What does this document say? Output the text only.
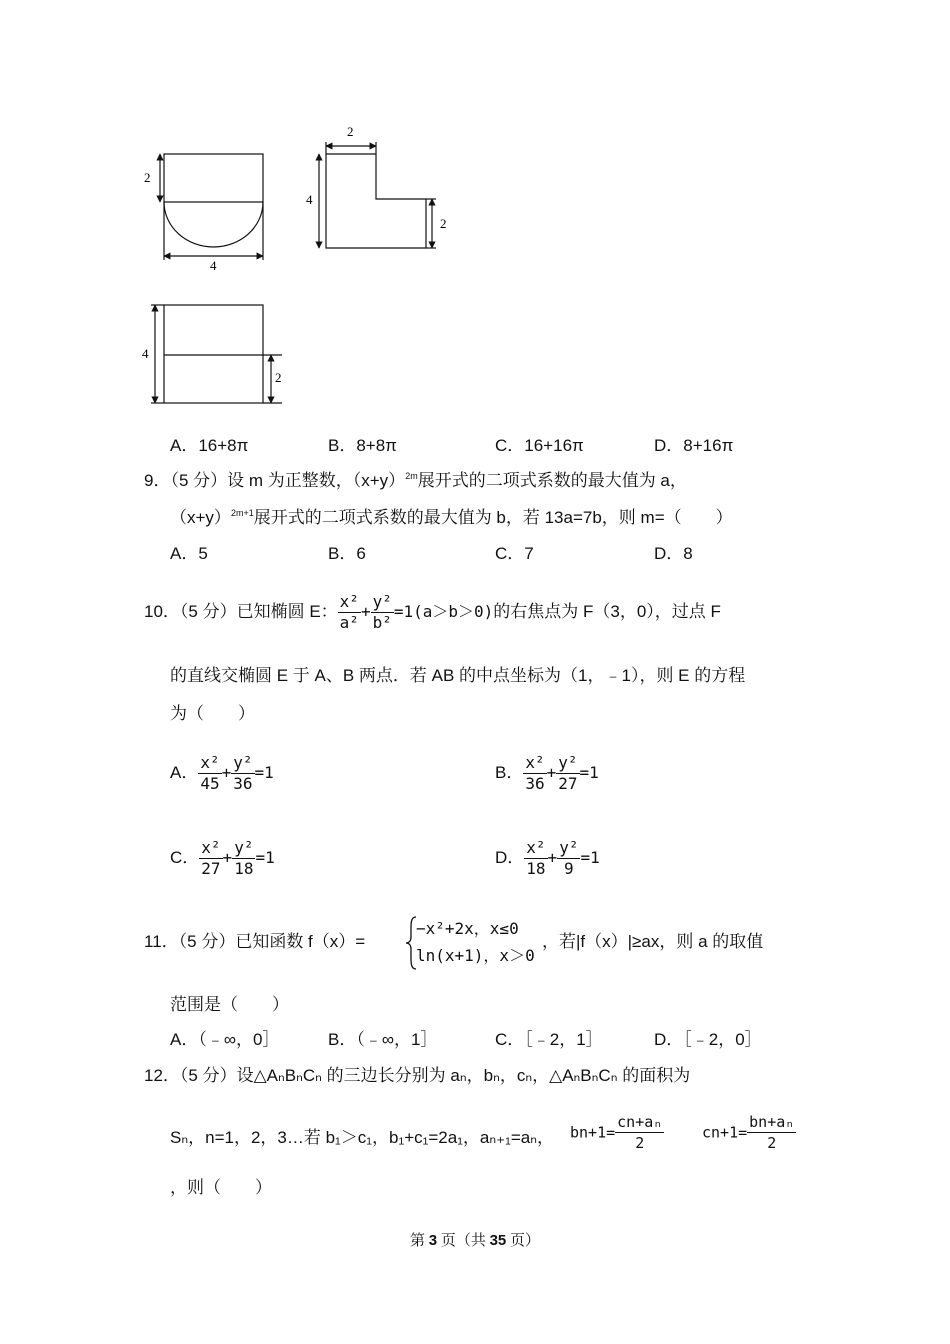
2
4
2
4
2
4
2
A．16+8π	B．8+8π	C．16+16π	D．8+16π
9．（5 分）设 m 为正整数，$(x+y)^{2m}$展开式的二项式系数的最大值为 a，
$(x+y)^{2m+1}$展开式的二项式系数的最大值为 b，若 13a=7b，则 m=（　　）
A．5	B．6	C．7	D．8
10．（5 分）已知椭圆 E： $\frac{\text{x²}}{\text{a²}} + \frac{\text{y²}}{\text{b²}} =1(a>b>0)$的右焦点为 F（3，0），过点 F
的直线交椭圆 E 于 A、B 两点．若 AB 的中点坐标为（1，﹣1），则 E 的方程
为（　　）
A． $\frac{\text{x²}}{45} + \frac{\text{y²}}{36} =1$	B． $\frac{\text{x²}}{36} + \frac{\text{y²}}{27} =1$
C． $\frac{\text{x²}}{27} + \frac{\text{y²}}{18} =1$	D． $\frac{\text{x²}}{18} + \frac{\text{y²}}{9} =1$
11．（5 分）已知函数 f（x）=
−x²+2x，x≤0
ln(x+1)，x＞0
，若|f（x）|≥ax，则 a 的取值
范围是（　　）
A．（﹣∞，0］	B．（﹣∞，1］	C．［﹣2，1］	D．［﹣2，0］
12．（5 分）设△AₙBₙCₙ 的三边长分别为 aₙ，bₙ，cₙ，△AₙBₙCₙ 的面积为
Sₙ，n=1，2，3…若 b₁＞c₁，b₁+c₁=2a₁，aₙ₊₁=aₙ， $bn+1= \frac{\text{cn+aₙ}}{2}$	$cn+1= \frac{\text{bn+aₙ}}{2}$
，则（　　）
第 3 页（共 35 页）
